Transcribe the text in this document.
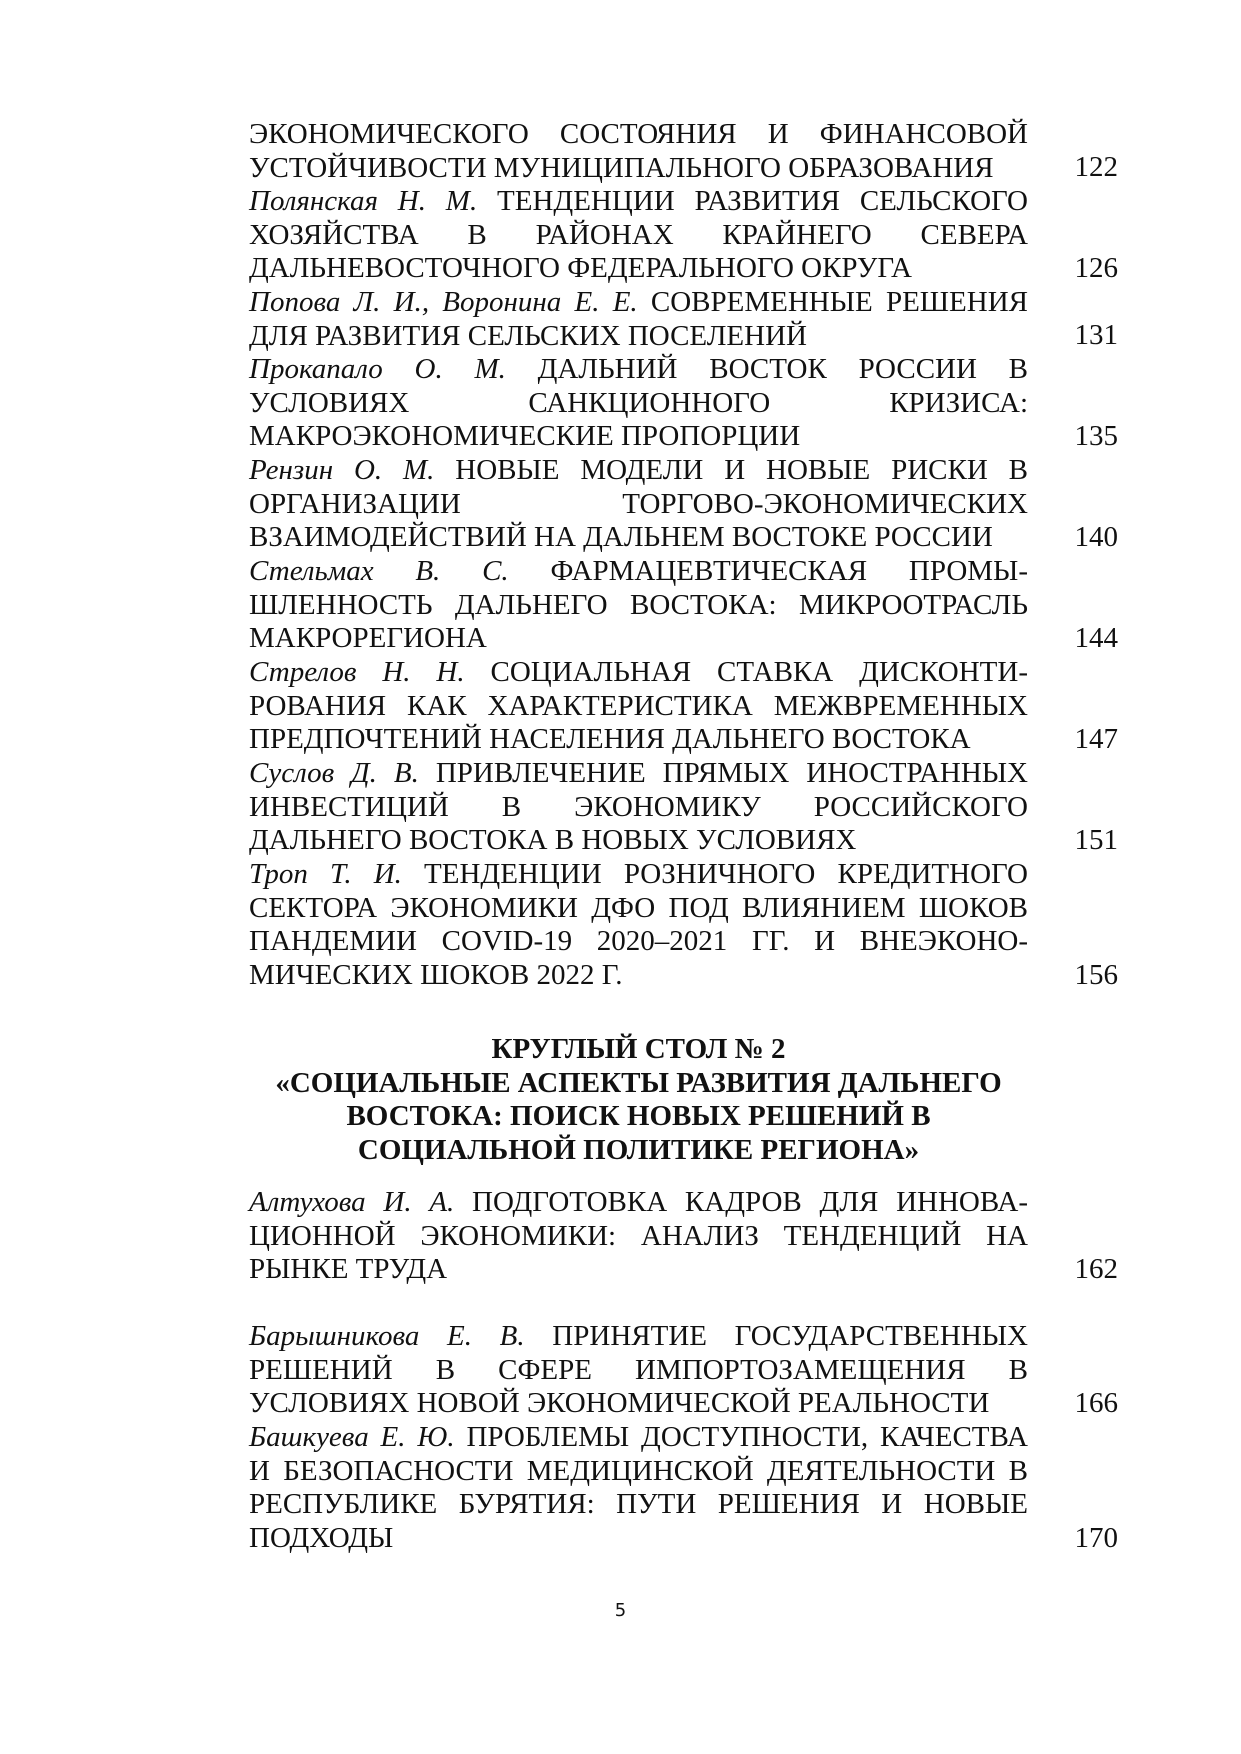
ЭКОНОМИЧЕСКОГО СОСТОЯНИЯ И ФИНАНСОВОЙ
УСТОЙЧИВОСТИ МУНИЦИПАЛЬНОГО ОБРАЗОВАНИЯ
Полянская Н. М. ТЕНДЕНЦИИ РАЗВИТИЯ СЕЛЬСКОГО
ХОЗЯЙСТВА В РАЙОНАХ КРАЙНЕГО СЕВЕРА
ДАЛЬНЕВОСТОЧНОГО ФЕДЕРАЛЬНОГО ОКРУГА
Попова Л. И., Воронина Е. Е. СОВРЕМЕННЫЕ РЕШЕНИЯ
ДЛЯ РАЗВИТИЯ СЕЛЬСКИХ ПОСЕЛЕНИЙ
Прокапало О. М. ДАЛЬНИЙ ВОСТОК РОССИИ В
УСЛОВИЯХ САНКЦИОННОГО КРИЗИСА:
МАКРОЭКОНОМИЧЕСКИЕ ПРОПОРЦИИ
Рензин О. М. НОВЫЕ МОДЕЛИ И НОВЫЕ РИСКИ В
ОРГАНИЗАЦИИ ТОРГОВО-ЭКОНОМИЧЕСКИХ
ВЗАИМОДЕЙСТВИЙ НА ДАЛЬНЕМ ВОСТОКЕ РОССИИ
Стельмах В. С. ФАРМАЦЕВТИЧЕСКАЯ ПРОМЫ-
ШЛЕННОСТЬ ДАЛЬНЕГО ВОСТОКА: МИКРООТРАСЛЬ
МАКРОРЕГИОНА
Стрелов Н. Н. СОЦИАЛЬНАЯ СТАВКА ДИСКОНТИ-
РОВАНИЯ КАК ХАРАКТЕРИСТИКА МЕЖВРЕМЕННЫХ
ПРЕДПОЧТЕНИЙ НАСЕЛЕНИЯ ДАЛЬНЕГО ВОСТОКА
Суслов Д. В. ПРИВЛЕЧЕНИЕ ПРЯМЫХ ИНОСТРАННЫХ
ИНВЕСТИЦИЙ В ЭКОНОМИКУ РОССИЙСКОГО
ДАЛЬНЕГО ВОСТОКА В НОВЫХ УСЛОВИЯХ
Троп Т. И. ТЕНДЕНЦИИ РОЗНИЧНОГО КРЕДИТНОГО
СЕКТОРА ЭКОНОМИКИ ДФО ПОД ВЛИЯНИЕМ ШОКОВ
ПАНДЕМИИ COVID-19 2020–2021 ГГ. И ВНЕЭКОНО-
МИЧЕСКИХ ШОКОВ 2022 Г.
122
126
131
135
140
144
147
151
156
КРУГЛЫЙ СТОЛ № 2
«СОЦИАЛЬНЫЕ АСПЕКТЫ РАЗВИТИЯ ДАЛЬНЕГО
ВОСТОКА: ПОИСК НОВЫХ РЕШЕНИЙ В
СОЦИАЛЬНОЙ ПОЛИТИКЕ РЕГИОНА»
Алтухова И. А. ПОДГОТОВКА КАДРОВ ДЛЯ ИННОВА-
ЦИОННОЙ ЭКОНОМИКИ: АНАЛИЗ ТЕНДЕНЦИЙ НА
РЫНКЕ ТРУДА
Барышникова Е. В. ПРИНЯТИЕ ГОСУДАРСТВЕННЫХ
РЕШЕНИЙ В СФЕРЕ ИМПОРТОЗАМЕЩЕНИЯ В
УСЛОВИЯХ НОВОЙ ЭКОНОМИЧЕСКОЙ РЕАЛЬНОСТИ
Башкуева Е. Ю. ПРОБЛЕМЫ ДОСТУПНОСТИ, КАЧЕСТВА
И БЕЗОПАСНОСТИ МЕДИЦИНСКОЙ ДЕЯТЕЛЬНОСТИ В
РЕСПУБЛИКЕ БУРЯТИЯ: ПУТИ РЕШЕНИЯ И НОВЫЕ
ПОДХОДЫ
162
166
170
5
